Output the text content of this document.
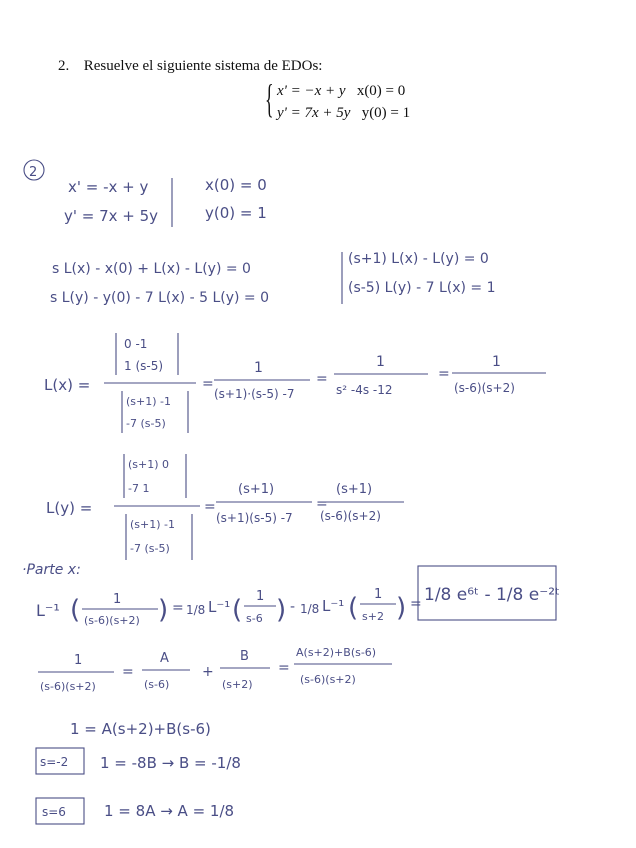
2. Resuelve el siguiente sistema de EDOs:
{ x' = −x + y x(0) = 0
y' = 7x + 5y y(0) = 1
2
x' = -x + y
y' = 7x + 5y
x(0) = 0
y(0) = 1
s L(x) - x(0) + L(x) - L(y) = 0
s L(y) - y(0) - 7 L(x) - 5 L(y) = 0
(s+1) L(x) - L(y) = 0
(s-5) L(y) - 7 L(x) = 1
L(x) =
0 -1
1 (s-5)
(s+1) -1
-7 (s-5)
=
1
(s+1)·(s-5) -7
=
1
s² -4s -12
=
1
(s-6)(s+2)
L(y) =
(s+1) 0
-7 1
(s+1) -1
-7 (s-5)
=
(s+1)
(s+1)(s-5) -7
=
(s+1)
(s-6)(s+2)
·Parte x:
L⁻¹ (	1
(s-6)(s+2) ) = 1/8 L⁻¹ ( 1
s-6 ) - 1/8 L⁻¹ ( 1
s+2 ) = 1/8 e⁶ᵗ - 1/8 e⁻²ᵗ
1
(s-6)(s+2)
=
A
(s-6)
+
B
(s+2)
=
A(s+2)+B(s-6)
(s-6)(s+2)
1 = A(s+2)+B(s-6)
s=-2 1 = -8B → B = -1/8
s=6	1 = 8A → A = 1/8
